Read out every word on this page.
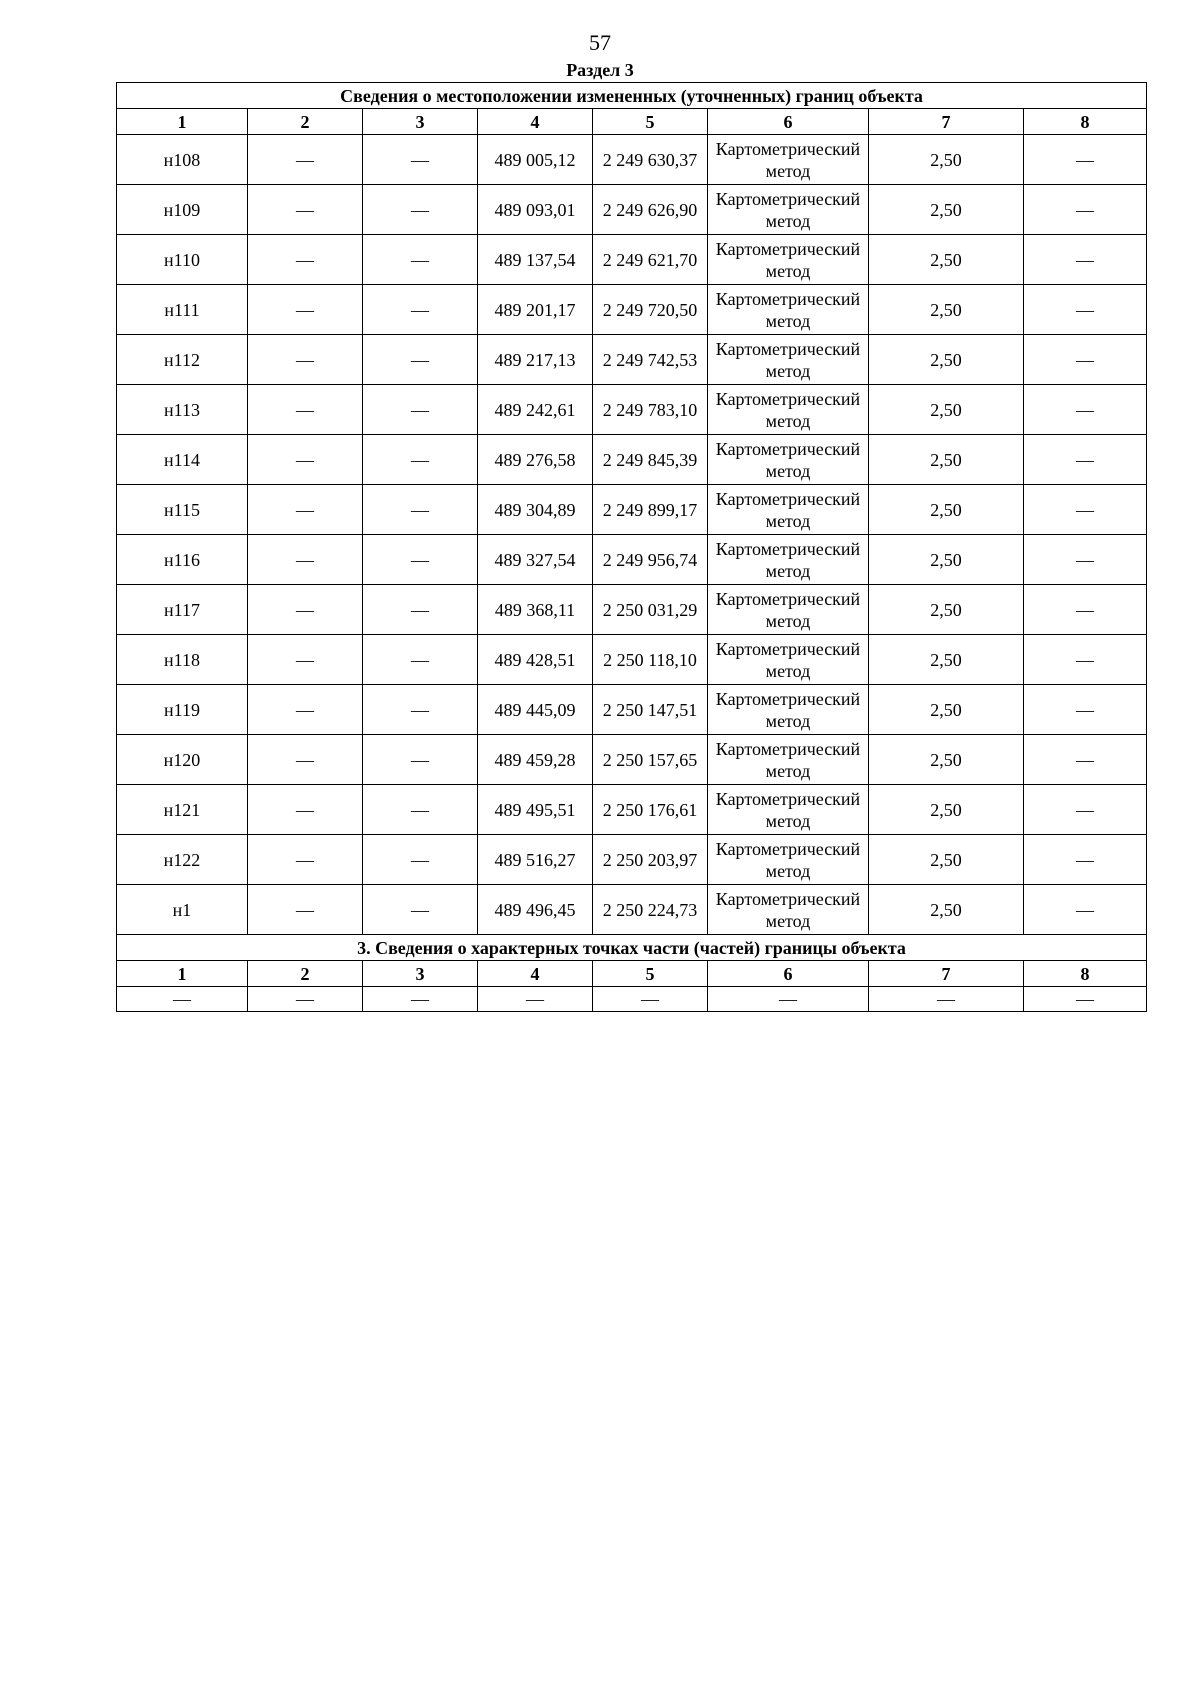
57
Раздел 3
Сведения о местоположении измененных (уточненных) границ объекта							
1	2	3	4	5	6	7	8
н108	—	—	489 005,12	2 249 630,37	Картометрический метод	2,50	—
н109	—	—	489 093,01	2 249 626,90	Картометрический метод	2,50	—
н110	—	—	489 137,54	2 249 621,70	Картометрический метод	2,50	—
н111	—	—	489 201,17	2 249 720,50	Картометрический метод	2,50	—
н112	—	—	489 217,13	2 249 742,53	Картометрический метод	2,50	—
н113	—	—	489 242,61	2 249 783,10	Картометрический метод	2,50	—
н114	—	—	489 276,58	2 249 845,39	Картометрический метод	2,50	—
н115	—	—	489 304,89	2 249 899,17	Картометрический метод	2,50	—
н116	—	—	489 327,54	2 249 956,74	Картометрический метод	2,50	—
н117	—	—	489 368,11	2 250 031,29	Картометрический метод	2,50	—
н118	—	—	489 428,51	2 250 118,10	Картометрический метод	2,50	—
н119	—	—	489 445,09	2 250 147,51	Картометрический метод	2,50	—
н120	—	—	489 459,28	2 250 157,65	Картометрический метод	2,50	—
н121	—	—	489 495,51	2 250 176,61	Картометрический метод	2,50	—
н122	—	—	489 516,27	2 250 203,97	Картометрический метод	2,50	—
н1	—	—	489 496,45	2 250 224,73	Картометрический метод	2,50	—
3. Сведения о характерных точках части (частей) границы объекта							
1	2	3	4	5	6	7	8
—	—	—	—	—	—	—	—
